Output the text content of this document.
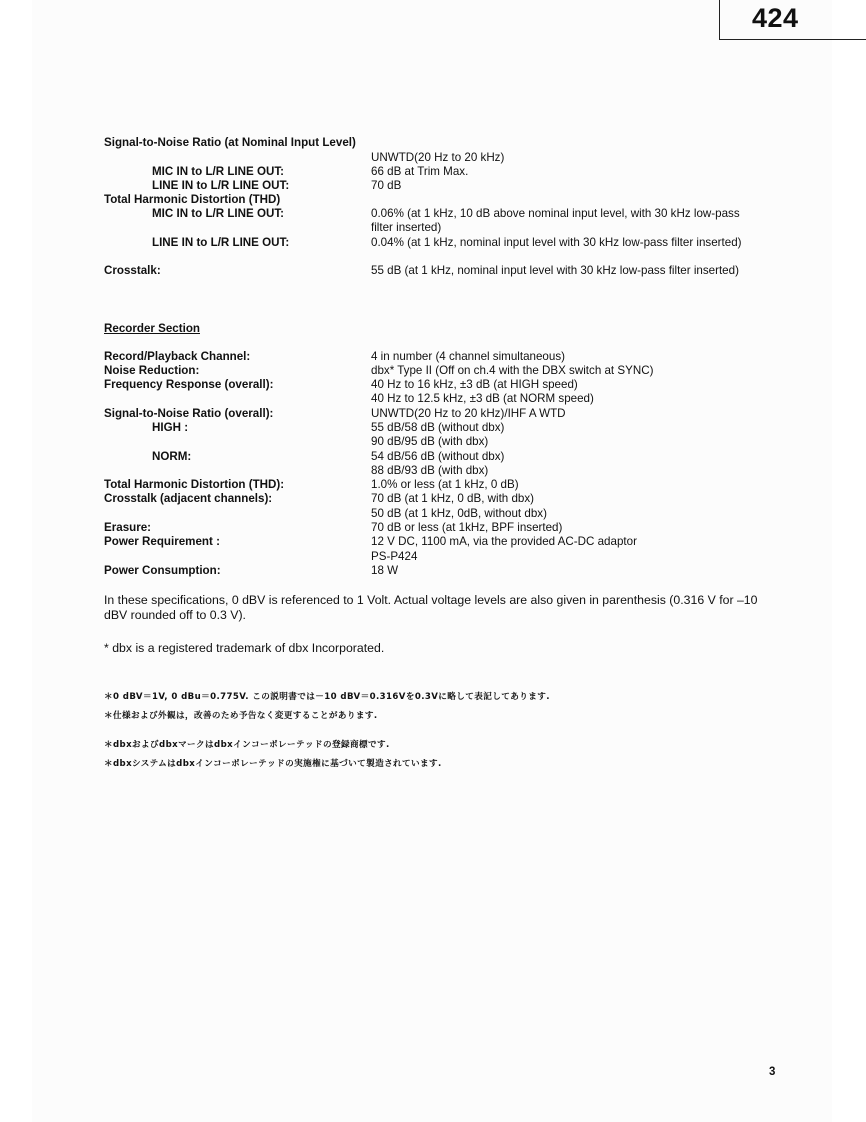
424
Signal-to-Noise Ratio (at Nominal Input Level)
UNWTD(20 Hz to 20 kHz)
MIC IN to L/R LINE OUT:	66 dB at Trim Max.
LINE IN to L/R LINE OUT:	70 dB
Total Harmonic Distortion (THD)
MIC IN to L/R LINE OUT:	0.06% (at 1 kHz, 10 dB above nominal input level, with 30 kHz low-pass filter inserted)
LINE IN to L/R LINE OUT:	0.04% (at 1 kHz, nominal input level with 30 kHz low-pass filter inserted)
Crosstalk:	55 dB (at 1 kHz, nominal input level with 30 kHz low-pass filter inserted)
Recorder Section
Record/Playback Channel:	4 in number (4 channel simultaneous)
Noise Reduction:	dbx* Type II (Off on ch.4 with the DBX switch at SYNC)
Frequency Response (overall):	40 Hz to 16 kHz, ±3 dB (at HIGH speed)
40 Hz to 12.5 kHz, ±3 dB (at NORM speed)
Signal-to-Noise Ratio (overall):	UNWTD(20 Hz to 20 kHz)/IHF A WTD
HIGH :	55 dB/58 dB (without dbx)
90 dB/95 dB (with dbx)
NORM:	54 dB/56 dB (without dbx)
88 dB/93 dB (with dbx)
Total Harmonic Distortion (THD):	1.0% or less (at 1 kHz, 0 dB)
Crosstalk (adjacent channels):	70 dB (at 1 kHz, 0 dB, with dbx)
50 dB (at 1 kHz, 0dB, without dbx)
Erasure:	70 dB or less (at 1kHz, BPF inserted)
Power Requirement :	12 V DC, 1100 mA, via the provided AC-DC adaptor
PS-P424
Power Consumption:	18 W
In these specifications, 0 dBV is referenced to 1 Volt. Actual voltage levels are also given in parenthesis (0.316 V for –10 dBV rounded off to 0.3 V).
* dbx is a registered trademark of dbx Incorporated.
＊0 dBV＝1V, 0 dBu＝0.775V. この説明書では－10 dBV＝0.316Vを0.3Vに略して表記してあります.
＊仕様および外観は，改善のため予告なく変更することがあります.
＊dbxおよびdbxマークはdbxインコーポレーテッドの登録商標です.
＊dbxシステムはdbxインコーポレーテッドの実施権に基づいて製造されています.
3
